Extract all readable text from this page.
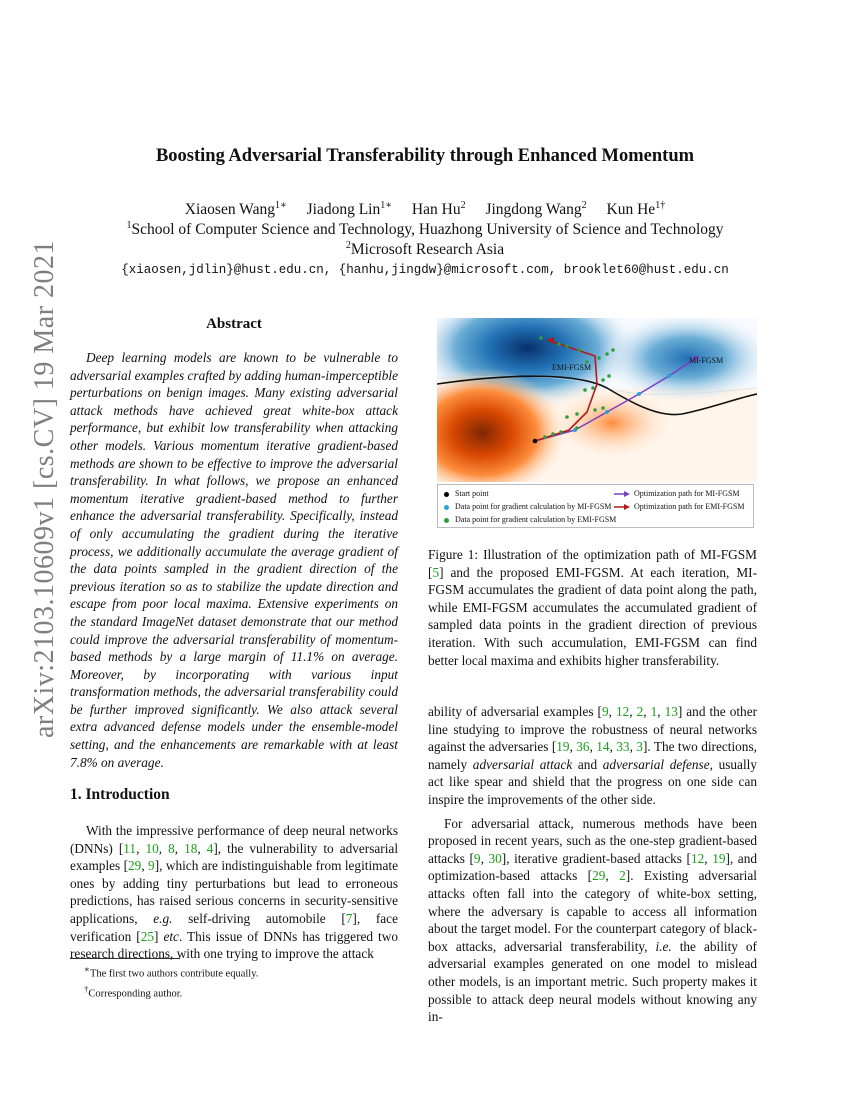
arXiv:2103.10609v1 [cs.CV] 19 Mar 2021
Boosting Adversarial Transferability through Enhanced Momentum
Xiaosen Wang$^{1∗}$ Jiadong Lin$^{1∗}$ Han Hu$^2$ Jingdong Wang$^2$ Kun $He^{1\dagger}$
$^1$School of Computer Science and Technology, Huazhong University of Science and Technology
$^2$Microsoft Research Asia
{xiaosen,jdlin}@hust.edu.cn, {hanhu,jingdw}@microsoft.com, brooklet60@hust.edu.cn
Abstract

Deep learning models are known to be vulnerable to adversarial examples crafted by adding human-imperceptible perturbations on benign images. Many existing adversarial attack methods have achieved great white-box attack performance, but exhibit low transferability when attacking other models. Various momentum iterative gradient-based methods are shown to be effective to improve the adversarial transferability. In what follows, we propose an enhanced momentum iterative gradient-based method to further enhance the adversarial transferability. Specifically, instead of only accumulating the gradient during the iterative process, we additionally accumulate the average gradient of the data points sampled in the gradient direction of the previous iteration so as to stabilize the update direction and escape from poor local maxima. Extensive experiments on the standard ImageNet dataset demonstrate that our method could improve the adversarial transferability of momentum-based methods by a large margin of 11.1% on average. Moreover, by incorporating with various input transformation methods, the adversarial transferability could be further improved significantly. We also attack several extra advanced defense models under the ensemble-model setting, and the enhancements are remarkable with at least 7.8% on average.

1. Introduction

With the impressive performance of deep neural networks (DNNs) [11, 10, 8, 18, 4], the vulnerability to adversarial examples [29, 9], which are indistinguishable from legitimate ones by adding tiny perturbations but lead to erroneous predictions, has raised serious concerns in security-sensitive applications, e.g. self-driving automobile [7], face verification [25] etc. This issue of DNNs has triggered two research directions, with one trying to improve the attack

∗The first two authors contribute equally.
†Corresponding author.
EMI-FGSM
MI-FGSM
Start point
Data point for gradient calculation by MI-FGSM
Data point for gradient calculation by EMI-FGSM
Optimization path for MI-FGSM
Optimization path for EMI-FGSM
Figure 1: Illustration of the optimization path of MI-FGSM [5] and the proposed EMI-FGSM. At each iteration, MI-FGSM accumulates the gradient of data point along the path, while EMI-FGSM accumulates the accumulated gradient of sampled data points in the gradient direction of previous iteration. With such accumulation, EMI-FGSM can find better local maxima and exhibits higher transferability.

ability of adversarial examples [9, 12, 2, 1, 13] and the other line studying to improve the robustness of neural networks against the adversaries [19, 36, 14, 33, 3]. The two directions, namely adversarial attack and adversarial defense, usually act like spear and shield that the progress on one side can inspire the improvements of the other side.

For adversarial attack, numerous methods have been proposed in recent years, such as the one-step gradient-based attacks [9, 30], iterative gradient-based attacks [12, 19], and optimization-based attacks [29, 2]. Existing adversarial attacks often fall into the category of white-box setting, where the adversary is capable to access all information about the target model. For the counterpart category of black-box attacks, adversarial transferability, i.e. the ability of adversarial examples generated on one model to mislead other models, is an important metric. Such property makes it possible to attack deep neural models without knowing any in-
